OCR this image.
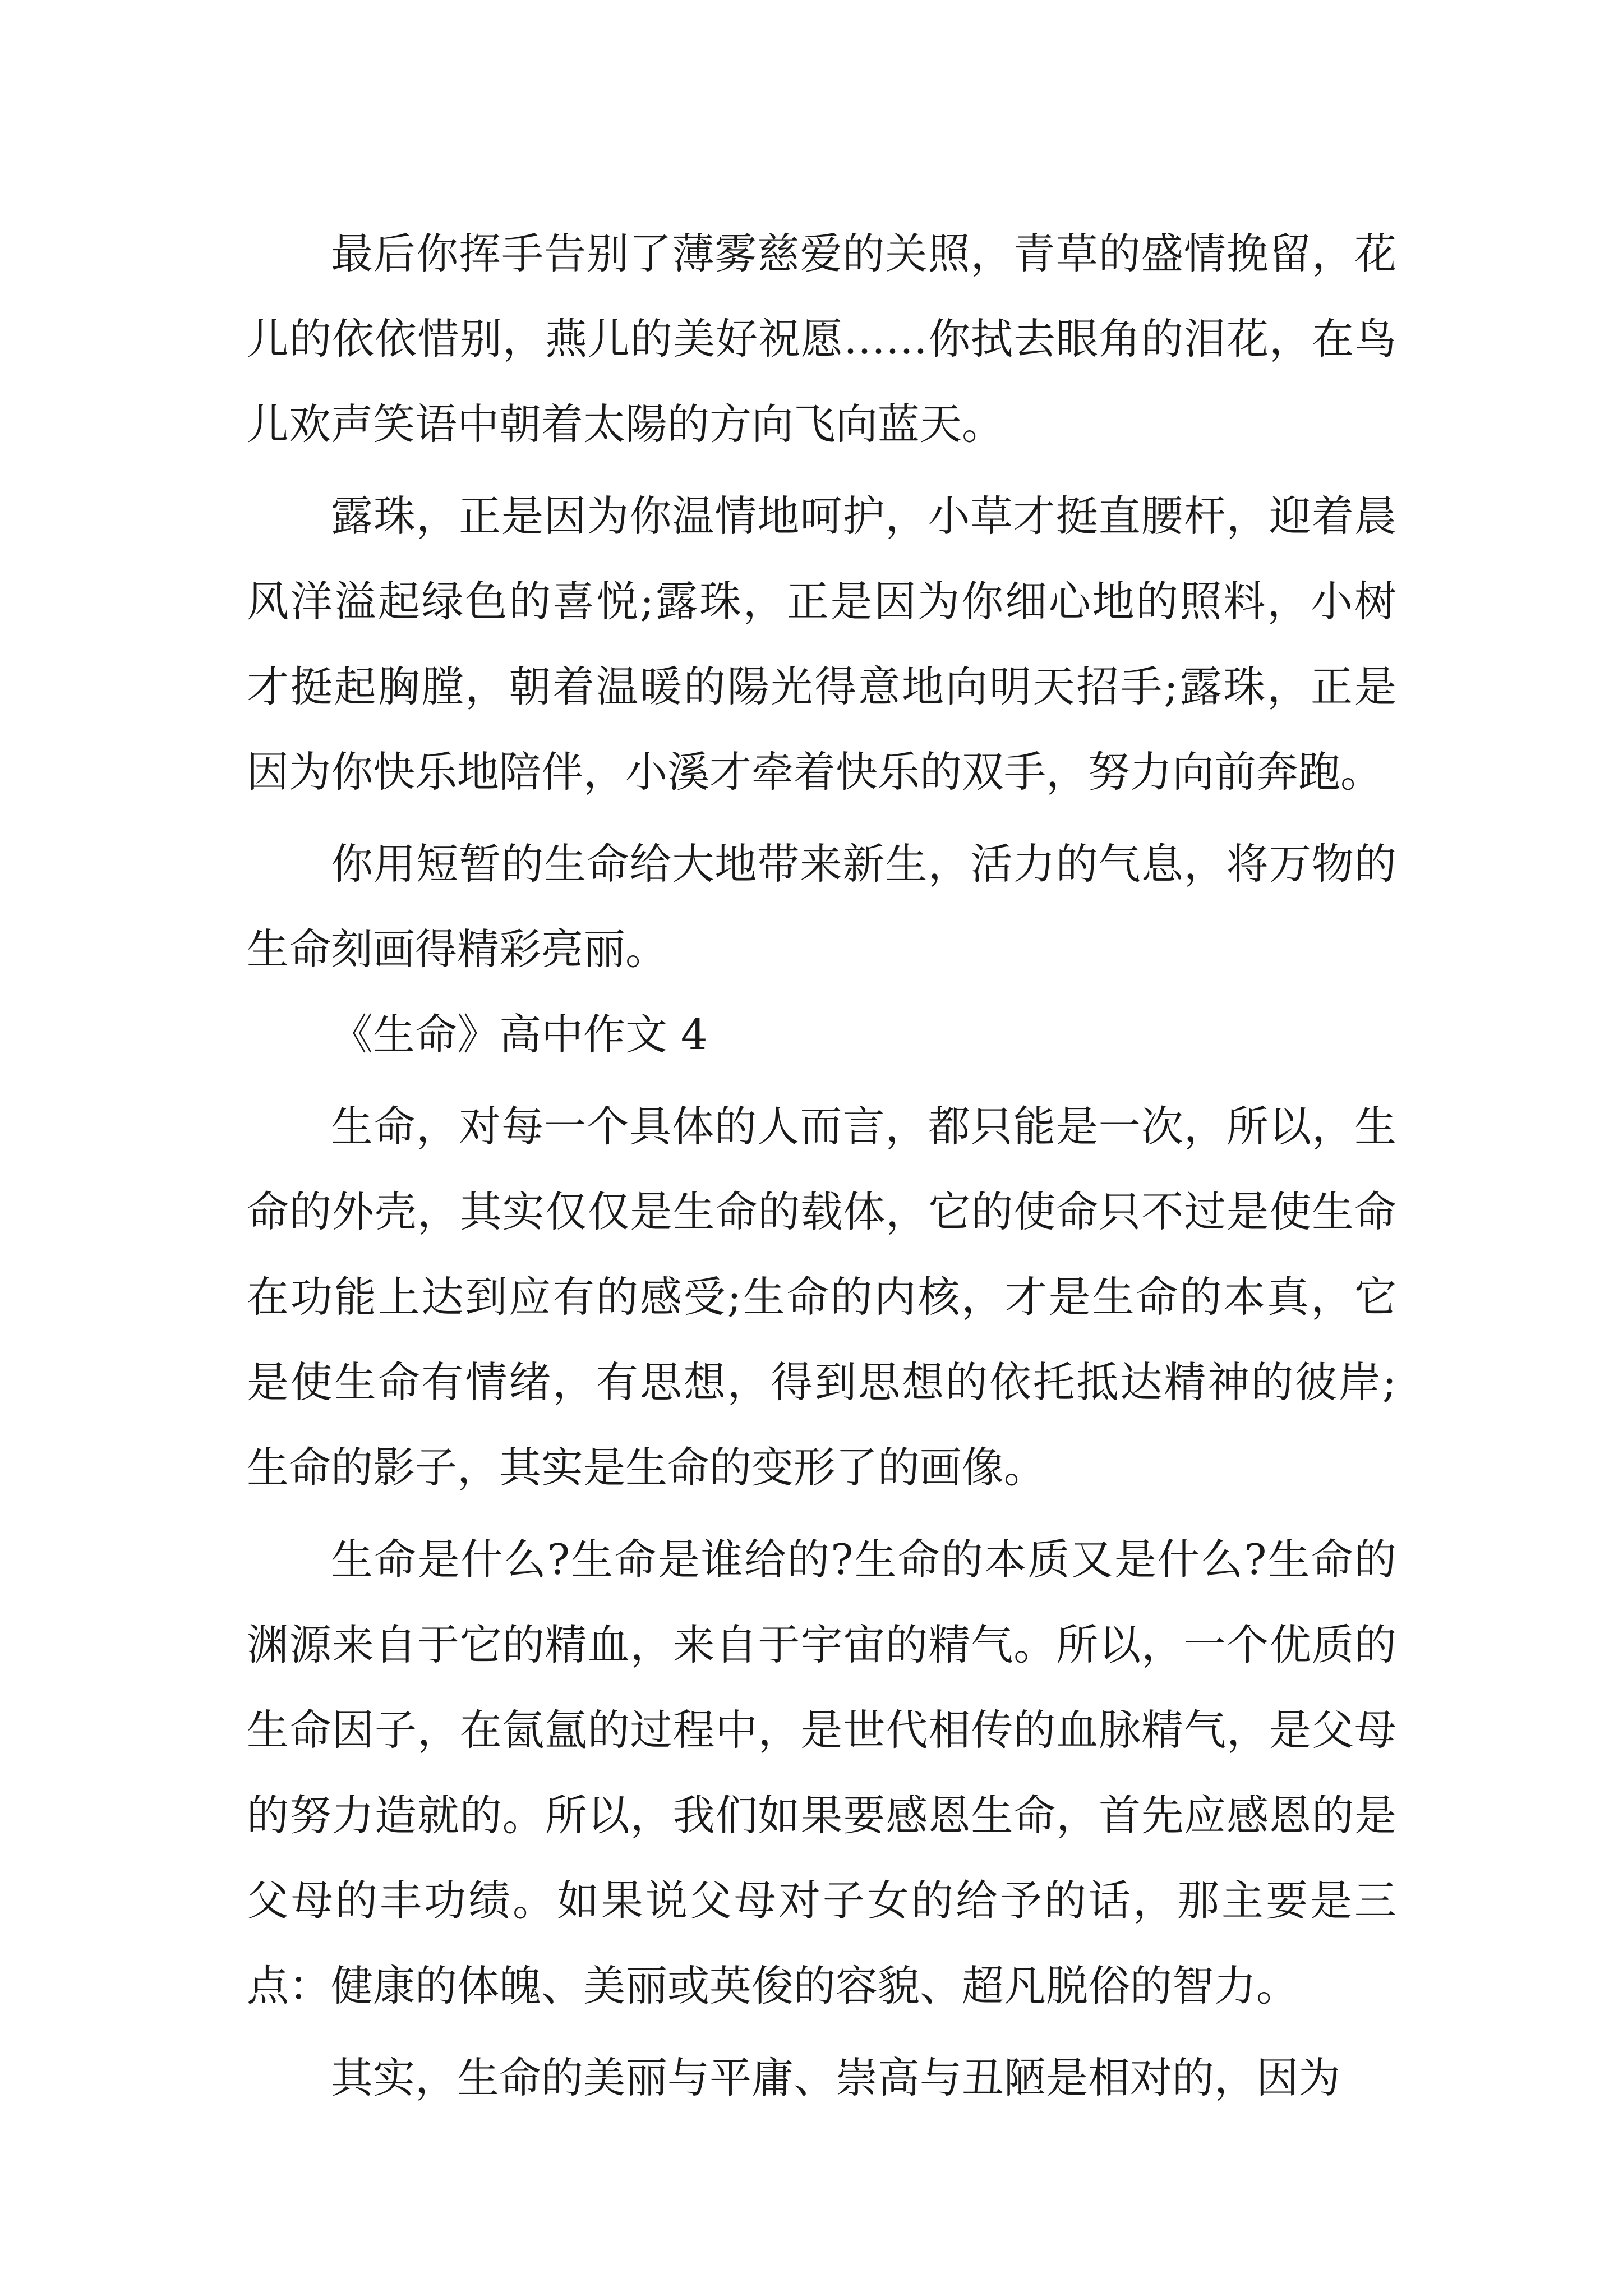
最后你挥手告别了薄雾慈爱的关照，青草的盛情挽留，花儿的依依惜别，燕儿的美好祝愿……你拭去眼角的泪花，在鸟儿欢声笑语中朝着太陽的方向飞向蓝天。

露珠，正是因为你温情地呵护，小草才挺直腰杆，迎着晨风洋溢起绿色的喜悦;露珠，正是因为你细心地的照料，小树才挺起胸膛，朝着温暖的陽光得意地向明天招手;露珠，正是因为你快乐地陪伴，小溪才牵着快乐的双手，努力向前奔跑。

你用短暂的生命给大地带来新生，活力的气息，将万物的生命刻画得精彩亮丽。

《生命》高中作文 4

生命，对每一个具体的人而言，都只能是一次，所以，生命的外壳，其实仅仅是生命的载体，它的使命只不过是使生命在功能上达到应有的感受;生命的内核，才是生命的本真，它是使生命有情绪，有思想，得到思想的依托抵达精神的彼岸;生命的影子，其实是生命的变形了的画像。

生命是什么?生命是谁给的?生命的本质又是什么?生命的渊源来自于它的精血，来自于宇宙的精气。所以，一个优质的生命因子，在氤氲的过程中，是世代相传的血脉精气，是父母的努力造就的。所以，我们如果要感恩生命，首先应感恩的是父母的丰功绩。如果说父母对子女的给予的话，那主要是三点：健康的体魄、美丽或英俊的容貌、超凡脱俗的智力。

其实，生命的美丽与平庸、崇高与丑陋是相对的，因为
